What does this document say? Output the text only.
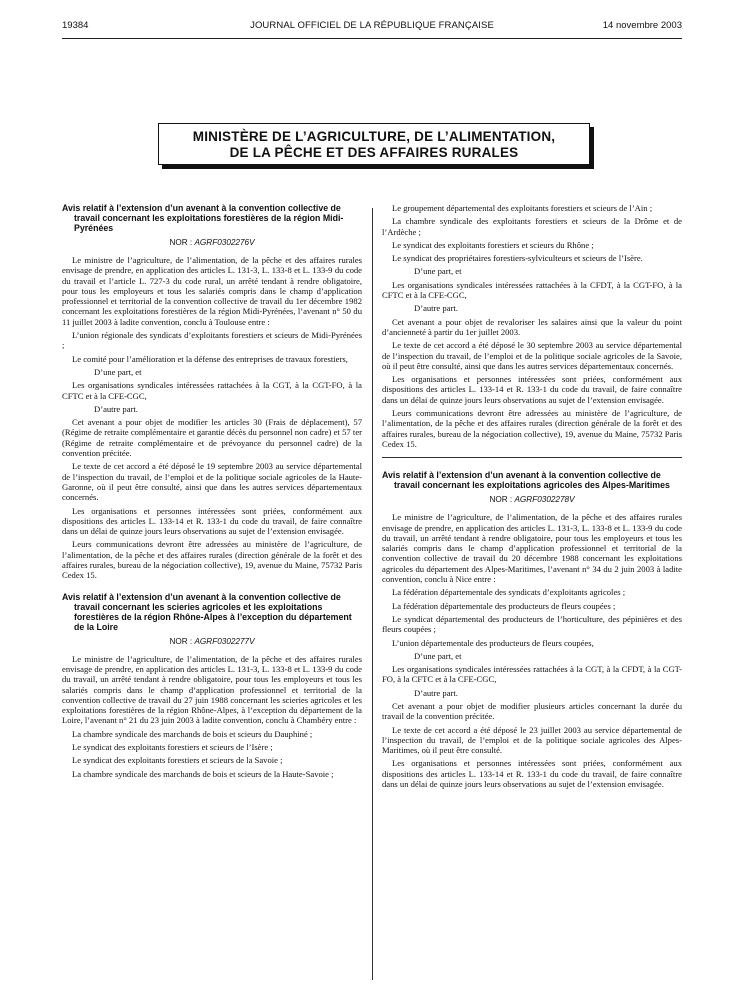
19384	JOURNAL OFFICIEL DE LA RÉPUBLIQUE FRANÇAISE	14 novembre 2003
MINISTÈRE DE L’AGRICULTURE, DE L’ALIMENTATION,
DE LA PÊCHE ET DES AFFAIRES RURALES
Avis relatif à l’extension d’un avenant à la convention collective de travail concernant les exploitations forestières de la région Midi-Pyrénées
NOR : AGRF0302276V

Le ministre de l’agriculture, de l’alimentation, de la pêche et des affaires rurales envisage de prendre, en application des articles L. 131-3, L. 133-8 et L. 133-9 du code du travail et l’article L. 727-3 du code rural, un arrêté tendant à rendre obligatoire, pour tous les employeurs et tous les salariés compris dans le champ d’application professionnel et territorial de la convention collective de travail du 1er décembre 1982 concernant les exploitations forestières de la région Midi-Pyrénées, l’avenant n° 50 du 11 juillet 2003 à ladite convention, conclu à Toulouse entre :

L’union régionale des syndicats d’exploitants forestiers et scieurs de Midi-Pyrénées ;

Le comité pour l’amélioration et la défense des entreprises de travaux forestiers,

D’une part, et

Les organisations syndicales intéressées rattachées à la CGT, à la CGT-FO, à la CFTC et à la CFE-CGC,

D’autre part.

Cet avenant a pour objet de modifier les articles 30 (Frais de déplacement), 57 (Régime de retraite complémentaire et garantie décès du personnel non cadre) et 57 ter (Régime de retraite complémentaire et de prévoyance du personnel cadre) de la convention précitée.

Le texte de cet accord a été déposé le 19 septembre 2003 au service départemental de l’inspection du travail, de l’emploi et de la politique sociale agricoles de la Haute-Garonne, où il peut être consulté, ainsi que dans les autres services départementaux concernés.

Les organisations et personnes intéressées sont priées, conformément aux dispositions des articles L. 133-14 et R. 133-1 du code du travail, de faire connaître dans un délai de quinze jours leurs observations au sujet de l’extension envisagée.

Leurs communications devront être adressées au ministère de l’agriculture, de l’alimentation, de la pêche et des affaires rurales (direction générale de la forêt et des affaires rurales, bureau de la négociation collective), 19, avenue du Maine, 75732 Paris Cedex 15.

Avis relatif à l’extension d’un avenant à la convention collective de travail concernant les scieries agricoles et les exploitations forestières de la région Rhône-Alpes à l’exception du département de la Loire
NOR : AGRF0302277V

Le ministre de l’agriculture, de l’alimentation, de la pêche et des affaires rurales envisage de prendre, en application des articles L. 131-3, L. 133-8 et L. 133-9 du code du travail, un arrêté tendant à rendre obligatoire, pour tous les employeurs et tous les salariés compris dans le champ d’application professionnel et territorial de la convention collective de travail du 27 juin 1988 concernant les scieries agricoles et les exploitations forestières de la région Rhône-Alpes, à l’exception du département de la Loire, l’avenant n° 21 du 23 juin 2003 à ladite convention, conclu à Chambéry entre :

La chambre syndicale des marchands de bois et scieurs du Dauphiné ;

Le syndicat des exploitants forestiers et scieurs de l’Isère ;

Le syndicat des exploitants forestiers et scieurs de la Savoie ;

La chambre syndicale des marchands de bois et scieurs de la Haute-Savoie ;

Le groupement départemental des exploitants forestiers et scieurs de l’Ain ;

La chambre syndicale des exploitants forestiers et scieurs de la Drôme et de l’Ardèche ;

Le syndicat des exploitants forestiers et scieurs du Rhône ;

Le syndicat des propriétaires forestiers-sylviculteurs et scieurs de l’Isère.

D’une part, et

Les organisations syndicales intéressées rattachées à la CFDT, à la CGT-FO, à la CFTC et à la CFE-CGC,

D’autre part.

Cet avenant a pour objet de revaloriser les salaires ainsi que la valeur du point d’ancienneté à partir du 1er juillet 2003.

Le texte de cet accord a été déposé le 30 septembre 2003 au service départemental de l’inspection du travail, de l’emploi et de la politique sociale agricoles de la Savoie, où il peut être consulté, ainsi que dans les autres services départementaux concernés.

Les organisations et personnes intéressées sont priées, conformément aux dispositions des articles L. 133-14 et R. 133-1 du code du travail, de faire connaître dans un délai de quinze jours leurs observations au sujet de l’extension envisagée.

Leurs communications devront être adressées au ministère de l’agriculture, de l’alimentation, de la pêche et des affaires rurales (direction générale de la forêt et des affaires rurales, bureau de la négociation collective), 19, avenue du Maine, 75732 Paris Cedex 15.

Avis relatif à l’extension d’un avenant à la convention collective de travail concernant les exploitations agricoles des Alpes-Maritimes
NOR : AGRF0302278V

Le ministre de l’agriculture, de l’alimentation, de la pêche et des affaires rurales envisage de prendre, en application des articles L. 131-3, L. 133-8 et L. 133-9 du code du travail, un arrêté tendant à rendre obligatoire, pour tous les employeurs et tous les salariés compris dans le champ d’application professionnel et territorial de la convention collective de travail du 20 décembre 1988 concernant les exploitations agricoles du département des Alpes-Maritimes, l’avenant n° 34 du 2 juin 2003 à ladite convention, conclu à Nice entre :

La fédération départementale des syndicats d’exploitants agricoles ;

La fédération départementale des producteurs de fleurs coupées ;

Le syndicat départemental des producteurs de l’horticulture, des pépinières et des fleurs coupées ;

L’union départementale des producteurs de fleurs coupées,

D’une part, et

Les organisations syndicales intéressées rattachées à la CGT, à la CFDT, à la CGT-FO, à la CFTC et à la CFE-CGC,

D’autre part.

Cet avenant a pour objet de modifier plusieurs articles concernant la durée du travail de la convention précitée.

Le texte de cet accord a été déposé le 23 juillet 2003 au service départemental de l’inspection du travail, de l’emploi et de la politique sociale agricoles des Alpes-Maritimes, où il peut être consulté.

Les organisations et personnes intéressées sont priées, conformément aux dispositions des articles L. 133-14 et R. 133-1 du code du travail, de faire connaître dans un délai de quinze jours leurs observations au sujet de l’extension envisagée.
